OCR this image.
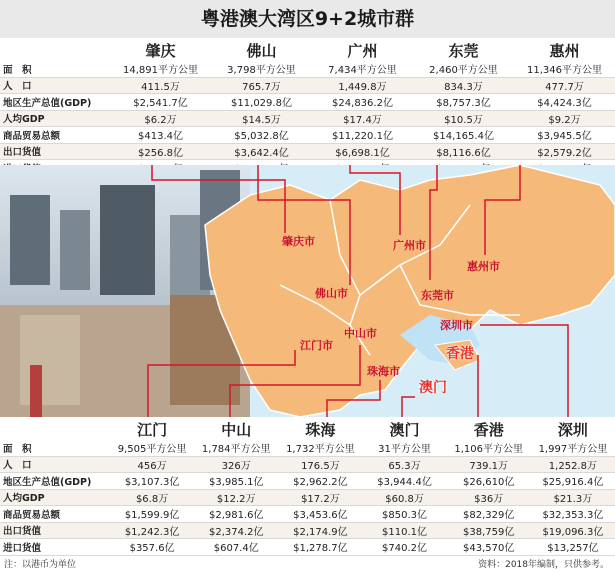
粤港澳大湾区9+2城市群
	肇庆	佛山	广州	东莞	惠州
面　积	14,891平方公里	3,798平方公里	7,434平方公里	2,460平方公里	11,346平方公里
人　口	411.5万	765.7万	1,449.8万	834.3万	477.7万
地区生产总值(GDP)	$2,541.7亿	$11,029.8亿	$24,836.2亿	$8,757.3亿	$4,424.3亿
人均GDP	$6.2万	$14.5万	$17.4万	$10.5万	$9.2万
商品贸易总额	$413.4亿	$5,032.8亿	$11,220.1亿	$14,165.4亿	$3,945.5亿
出口货值	$256.8亿	$3,642.4亿	$6,698.1亿	$8,116.6亿	$2,579.2亿

肇庆市
佛山市
广州市
东莞市
惠州市
江门市
中山市
珠海市
深圳市
香港
澳门
	江门	中山	珠海	澳门	香港	深圳
面　积	9,505平方公里	1,784平方公里	1,732平方公里	31平方公里	1,106平方公里	1,997平方公里
人　口	456万	326万	176.5万	65.3万	739.1万	1,252.8万
地区生产总值(GDP)	$3,107.3亿	$3,985.1亿	$2,962.2亿	$3,944.4亿	$26,610亿	$25,916.4亿
人均GDP	$6.8万	$12.2万	$17.2万	$60.8万	$36万	$21.3万
商品贸易总额	$1,599.9亿	$2,981.6亿	$3,453.6亿	$850.3亿	$82,329亿	$32,353.3亿
出口货值	$1,242.3亿	$2,374.2亿	$2,174.9亿	$110.1亿	$38,759亿	$19,096.3亿
进口货值	$357.6亿	$607.4亿	$1,278.7亿	$740.2亿	$43,570亿	$13,257亿
注：以港币为单位	资料：2018年编制，只供参考。
